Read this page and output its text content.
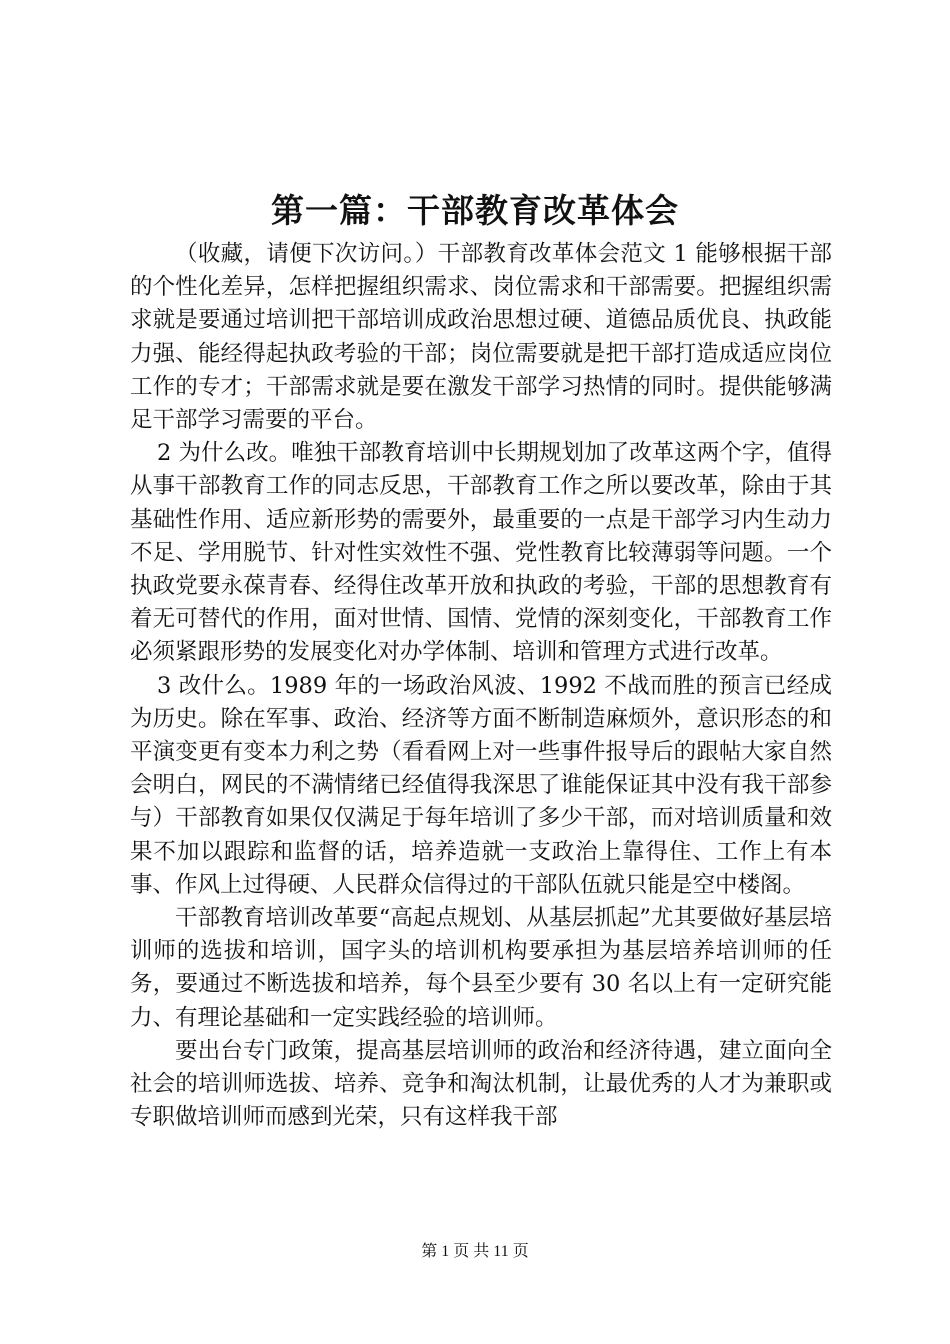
第一篇：干部教育改革体会

（收藏，请便下次访问。）干部教育改革体会范文 1 能够根据干部的个性化差异，怎样把握组织需求、岗位需求和干部需要。把握组织需求就是要通过培训把干部培训成政治思想过硬、道德品质优良、执政能力强、能经得起执政考验的干部；岗位需要就是把干部打造成适应岗位工作的专才；干部需求就是要在激发干部学习热情的同时。提供能够满足干部学习需要的平台。

2 为什么改。唯独干部教育培训中长期规划加了改革这两个字，值得从事干部教育工作的同志反思，干部教育工作之所以要改革，除由于其基础性作用、适应新形势的需要外，最重要的一点是干部学习内生动力不足、学用脱节、针对性实效性不强、党性教育比较薄弱等问题。一个执政党要永葆青春、经得住改革开放和执政的考验，干部的思想教育有着无可替代的作用，面对世情、国情、党情的深刻变化，干部教育工作必须紧跟形势的发展变化对办学体制、培训和管理方式进行改革。

3 改什么。1989 年的一场政治风波、1992 不战而胜的预言已经成为历史。除在军事、政治、经济等方面不断制造麻烦外，意识形态的和平演变更有变本力利之势（看看网上对一些事件报导后的跟帖大家自然会明白，网民的不满情绪已经值得我深思了谁能保证其中没有我干部参与）干部教育如果仅仅满足于每年培训了多少干部，而对培训质量和效果不加以跟踪和监督的话，培养造就一支政治上靠得住、工作上有本事、作风上过得硬、人民群众信得过的干部队伍就只能是空中楼阁。

干部教育培训改革要“高起点规划、从基层抓起”尤其要做好基层培训师的选拔和培训，国字头的培训机构要承担为基层培养培训师的任务，要通过不断选拔和培养，每个县至少要有 30 名以上有一定研究能力、有理论基础和一定实践经验的培训师。

要出台专门政策，提高基层培训师的政治和经济待遇，建立面向全社会的培训师选拔、培养、竞争和淘汰机制，让最优秀的人才为兼职或专职做培训师而感到光荣，只有这样我干部

第 1 页 共 11 页
